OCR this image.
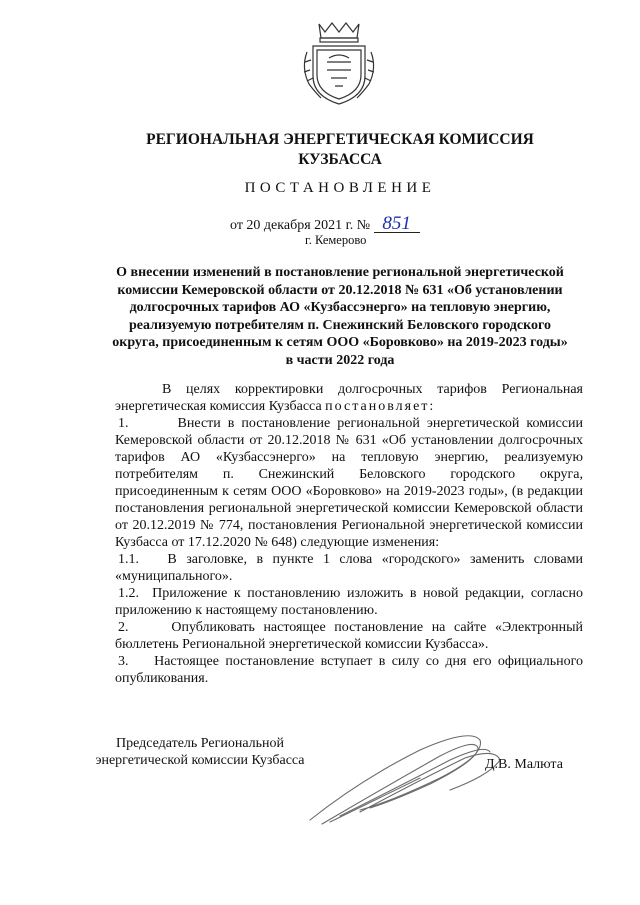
РЕГИОНАЛЬНАЯ ЭНЕРГЕТИЧЕСКАЯ КОМИССИЯ
КУЗБАССА
ПОСТАНОВЛЕНИЕ
от 20 декабря 2021 г. № 851
г. Кемерово
О внесении изменений в постановление региональной энергетической
комиссии Кемеровской области от 20.12.2018 № 631 «Об установлении
долгосрочных тарифов АО «Кузбассэнерго» на тепловую энергию,
реализуемую потребителям п. Снежинский Беловского городского
округа, присоединенным к сетям ООО «Боровково» на 2019-2023 годы»
в части 2022 года

В целях корректировки долгосрочных тарифов Региональная энергетическая комиссия Кузбасса постановляет:

1.       Внести в постановление региональной энергетической комиссии Кемеровской области от 20.12.2018 № 631 «Об установлении долгосрочных тарифов АО «Кузбассэнерго» на тепловую энергию, реализуемую потребителям п. Снежинский Беловского городского округа, присоединенным к сетям ООО «Боровково» на 2019-2023 годы», (в редакции постановления региональной энергетической комиссии Кемеровской области от 20.12.2019 № 774, постановления Региональной энергетической комиссии Кузбасса от 17.12.2020 № 648) следующие изменения:

1.1.   В заголовке, в пункте 1 слова «городского» заменить словами «муниципального».

1.2.  Приложение к постановлению изложить в новой редакции, согласно приложению к настоящему постановлению.

2.     Опубликовать настоящее постановление на сайте «Электронный бюллетень Региональной энергетической комиссии Кузбасса».

3.    Настоящее постановление вступает в силу со дня его официального опубликования.

Председатель Региональной
энергетической комиссии Кузбасса	Д.В. Малюта
